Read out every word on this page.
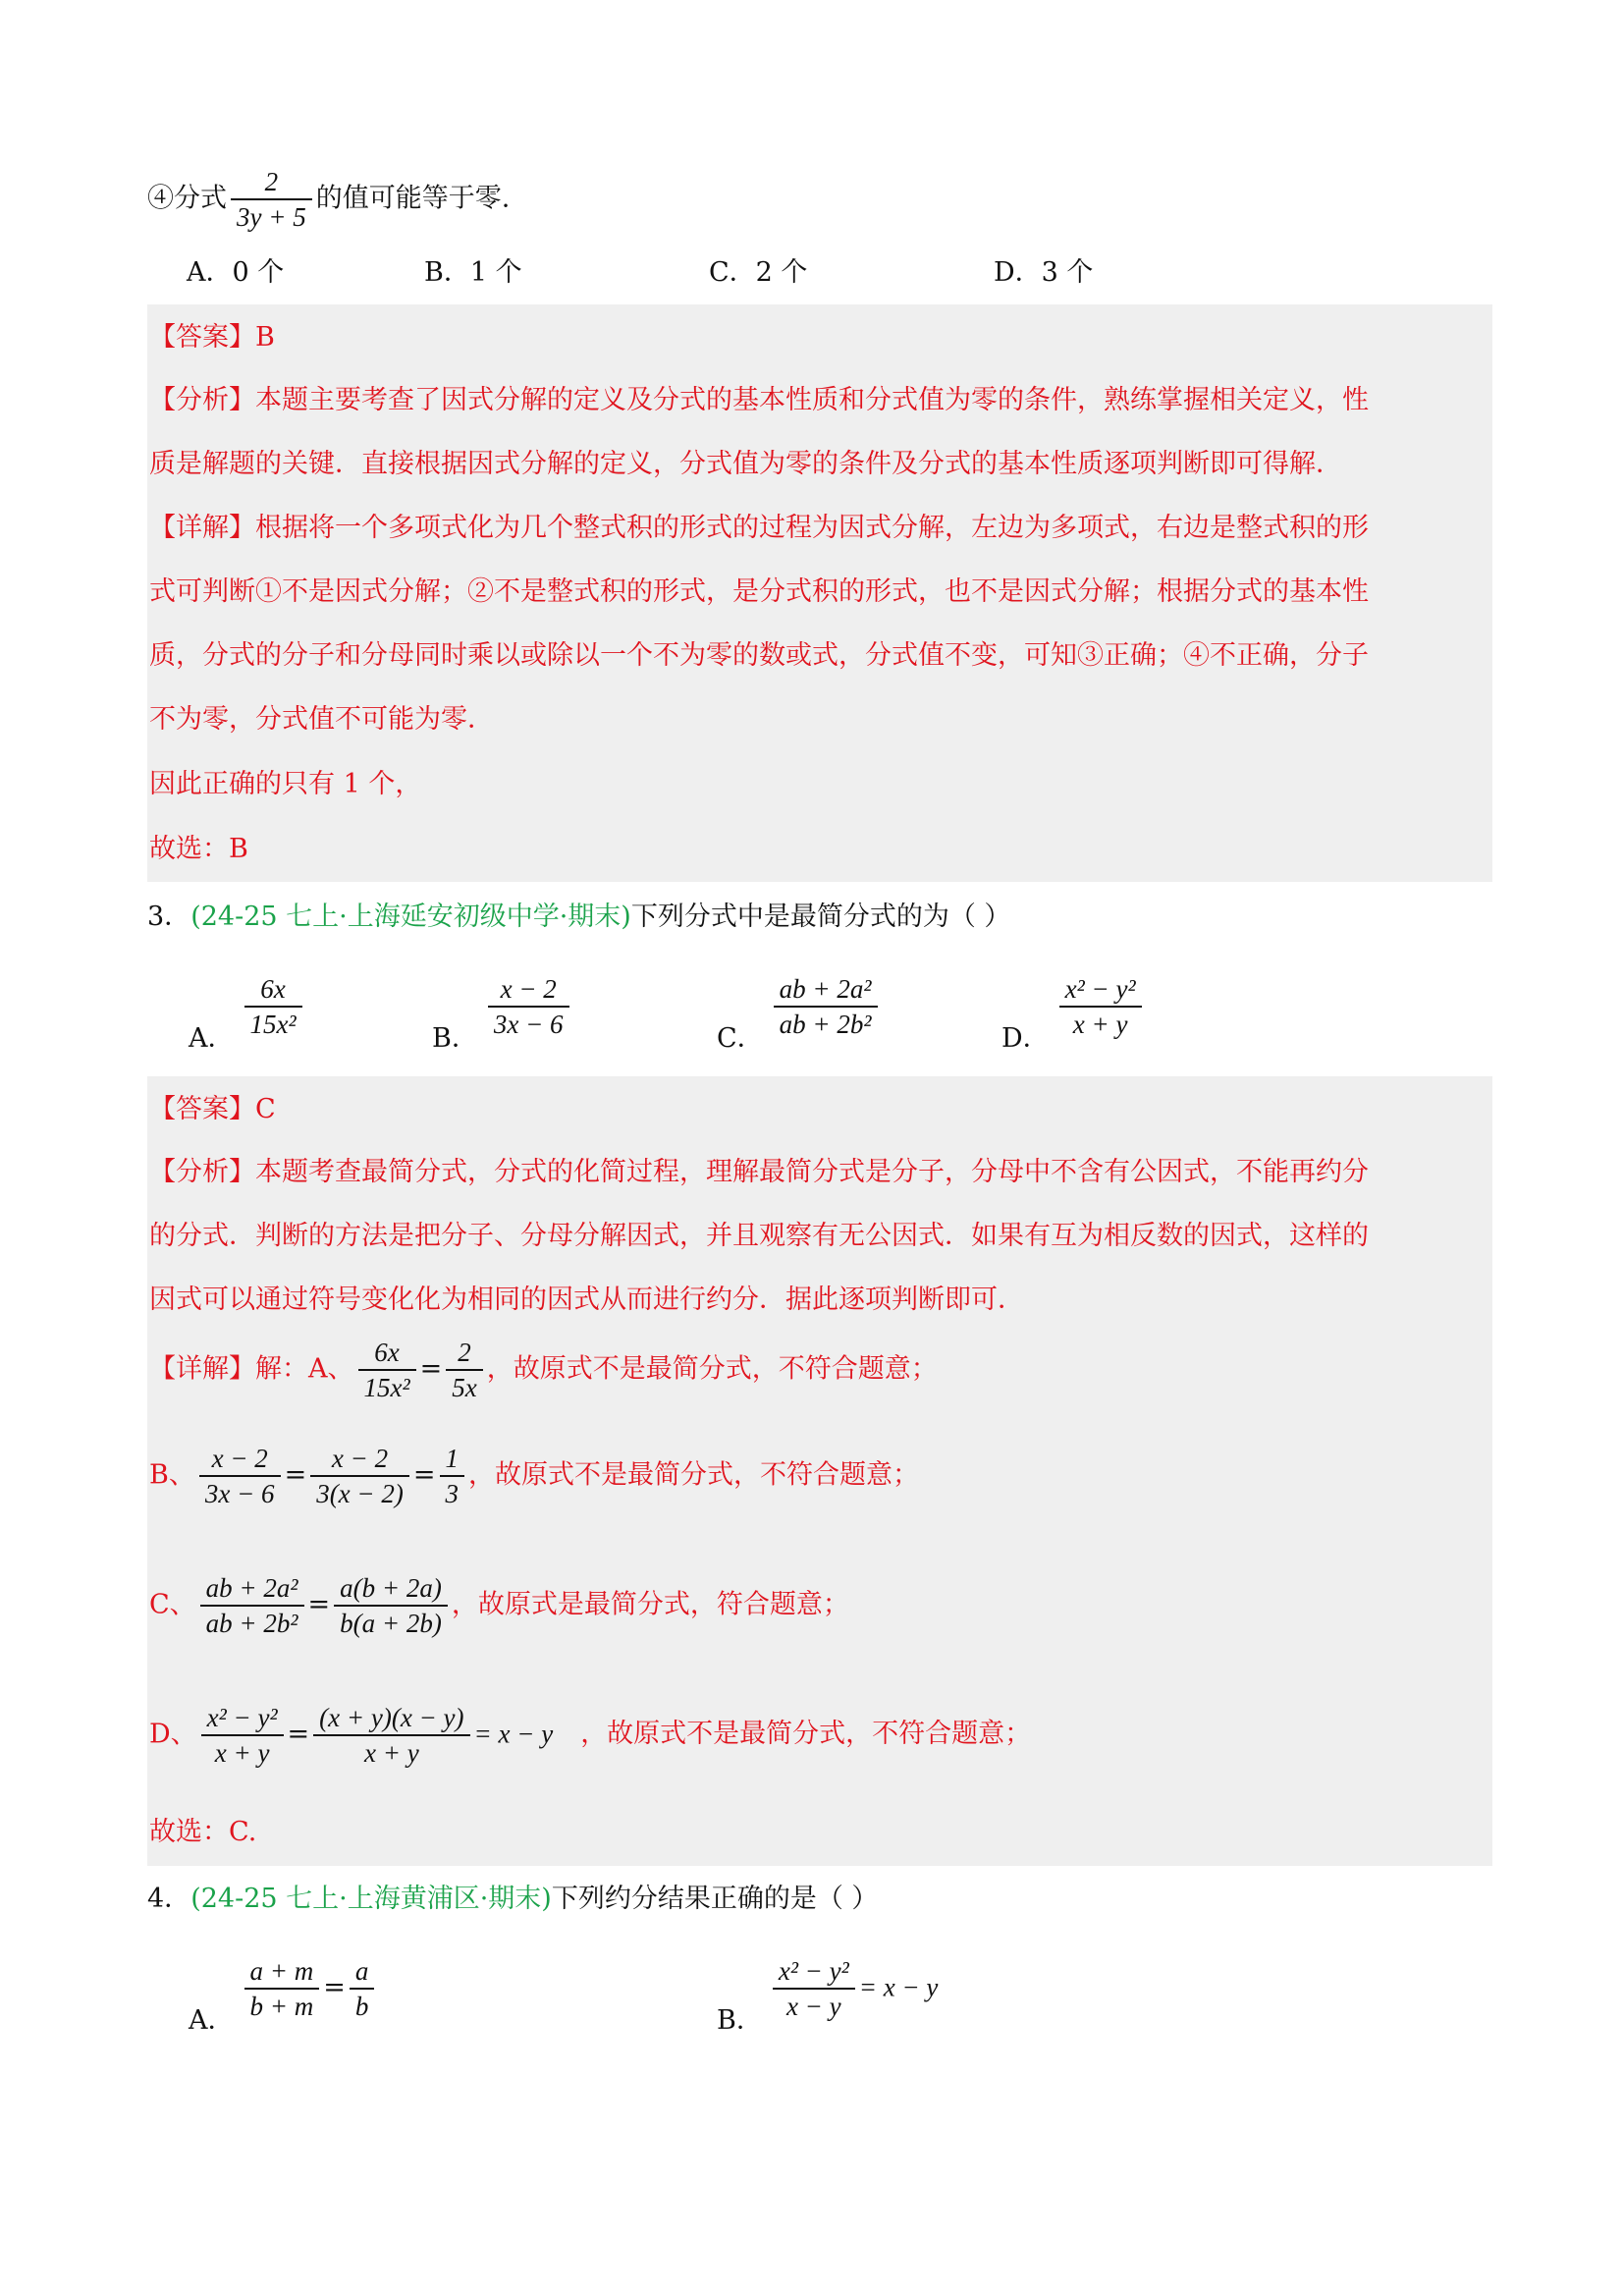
④分式 $\frac{2}{3y + 5}$ 的值可能等于零.
A．0 个	B．1 个	C．2 个	D．3 个
【答案】B
【分析】本题主要考查了因式分解的定义及分式的基本性质和分式值为零的条件，熟练掌握相关定义，性
质是解题的关键．直接根据因式分解的定义，分式值为零的条件及分式的基本性质逐项判断即可得解．
【详解】根据将一个多项式化为几个整式积的形式的过程为因式分解，左边为多项式，右边是整式积的形
式可判断①不是因式分解；②不是整式积的形式，是分式积的形式，也不是因式分解；根据分式的基本性
质，分式的分子和分母同时乘以或除以一个不为零的数或式，分式值不变，可知③正确；④不正确，分子
不为零，分式值不可能为零．
因此正确的只有 1 个，
故选：B
3．(24-25 七上·上海延安初级中学·期末)下列分式中是最简分式的为（ ）
A． $\frac{6x}{\text{15x²}}$	B． $\frac{x - 2}{3x - 6}$	C． $\frac{\text{ab + 2a²}}{\text{ab + 2b²}}$	D． $\frac{\text{x² − y²}}{x + y}$
【答案】C
【分析】本题考查最简分式，分式的化简过程，理解最简分式是分子，分母中不含有公因式，不能再约分
的分式．判断的方法是把分子、分母分解因式，并且观察有无公因式．如果有互为相反数的因式，这样的
因式可以通过符号变化化为相同的因式从而进行约分．据此逐项判断即可．
【详解】解：A、 $\frac{6x}{\text{15x²}} = \frac{2}{5x}$ ，故原式不是最简分式，不符合题意；
B、 $\frac{x - 2}{3x - 6} = \frac{x - 2}{3(x - 2)} = \frac{1}{3}$ ，故原式不是最简分式，不符合题意；
C、 $\frac{\text{ab + 2a²}}{\text{ab + 2b²}} = \frac{a(b + 2a)}{b(a + 2b)}$ ，故原式是最简分式，符合题意；
D、 $\frac{\text{x² − y²}}{x + y} = \frac{(x + y)(x - y)}{x + y} = x - y$ ，故原式不是最简分式，不符合题意；
故选：C.
4．(24-25 七上·上海黄浦区·期末)下列约分结果正确的是（ ）
A． $\frac{a + m}{b + m} = \frac{a}{b}$	B． $\frac{\text{x² − y²}}{x - y} = x - y$
